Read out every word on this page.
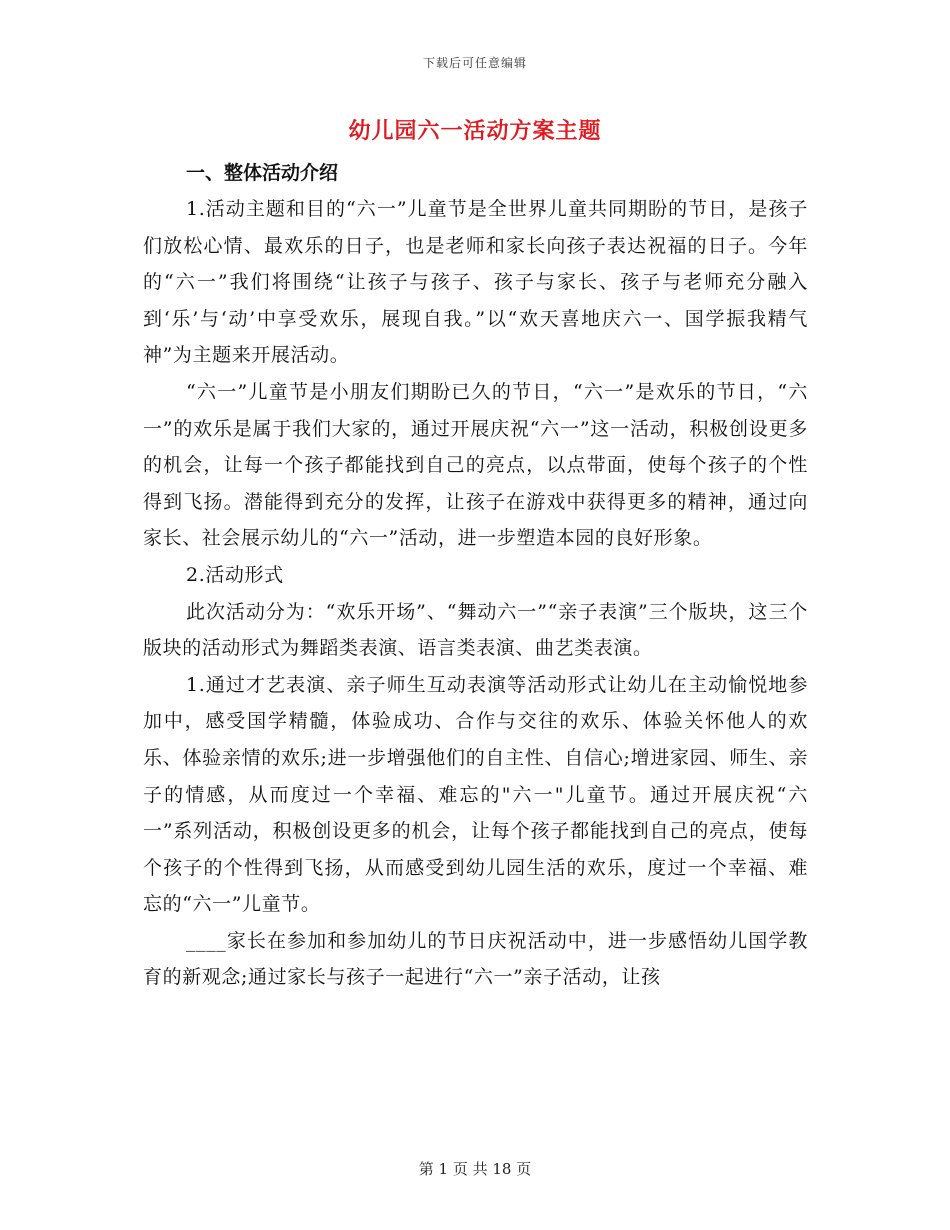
下载后可任意编辑
幼儿园六一活动方案主题
一、整体活动介绍

1.活动主题和目的“六一”儿童节是全世界儿童共同期盼的节日，是孩子们放松心情、最欢乐的日子，也是老师和家长向孩子表达祝福的日子。今年的“六一”我们将围绕“让孩子与孩子、孩子与家长、孩子与老师充分融入到‘乐’与‘动’中享受欢乐，展现自我。”以“欢天喜地庆六一、国学振我精气神”为主题来开展活动。

“六一”儿童节是小朋友们期盼已久的节日，“六一”是欢乐的节日，“六一”的欢乐是属于我们大家的，通过开展庆祝“六一”这一活动，积极创设更多的机会，让每一个孩子都能找到自己的亮点，以点带面，使每个孩子的个性得到飞扬。潜能得到充分的发挥，让孩子在游戏中获得更多的精神，通过向家长、社会展示幼儿的“六一”活动，进一步塑造本园的良好形象。

2.活动形式

此次活动分为：“欢乐开场”、“舞动六一”“亲子表演”三个版块，这三个版块的活动形式为舞蹈类表演、语言类表演、曲艺类表演。

1.通过才艺表演、亲子师生互动表演等活动形式让幼儿在主动愉悦地参加中，感受国学精髓，体验成功、合作与交往的欢乐、体验关怀他人的欢乐、体验亲情的欢乐;进一步增强他们的自主性、自信心;增进家园、师生、亲子的情感，从而度过一个幸福、难忘的"六一"儿童节。通过开展庆祝“六一”系列活动，积极创设更多的机会，让每个孩子都能找到自己的亮点，使每个孩子的个性得到飞扬，从而感受到幼儿园生活的欢乐，度过一个幸福、难忘的“六一”儿童节。

____家长在参加和参加幼儿的节日庆祝活动中，进一步感悟幼儿国学教育的新观念;通过家长与孩子一起进行“六一”亲子活动，让孩

第 1 页 共 18 页
